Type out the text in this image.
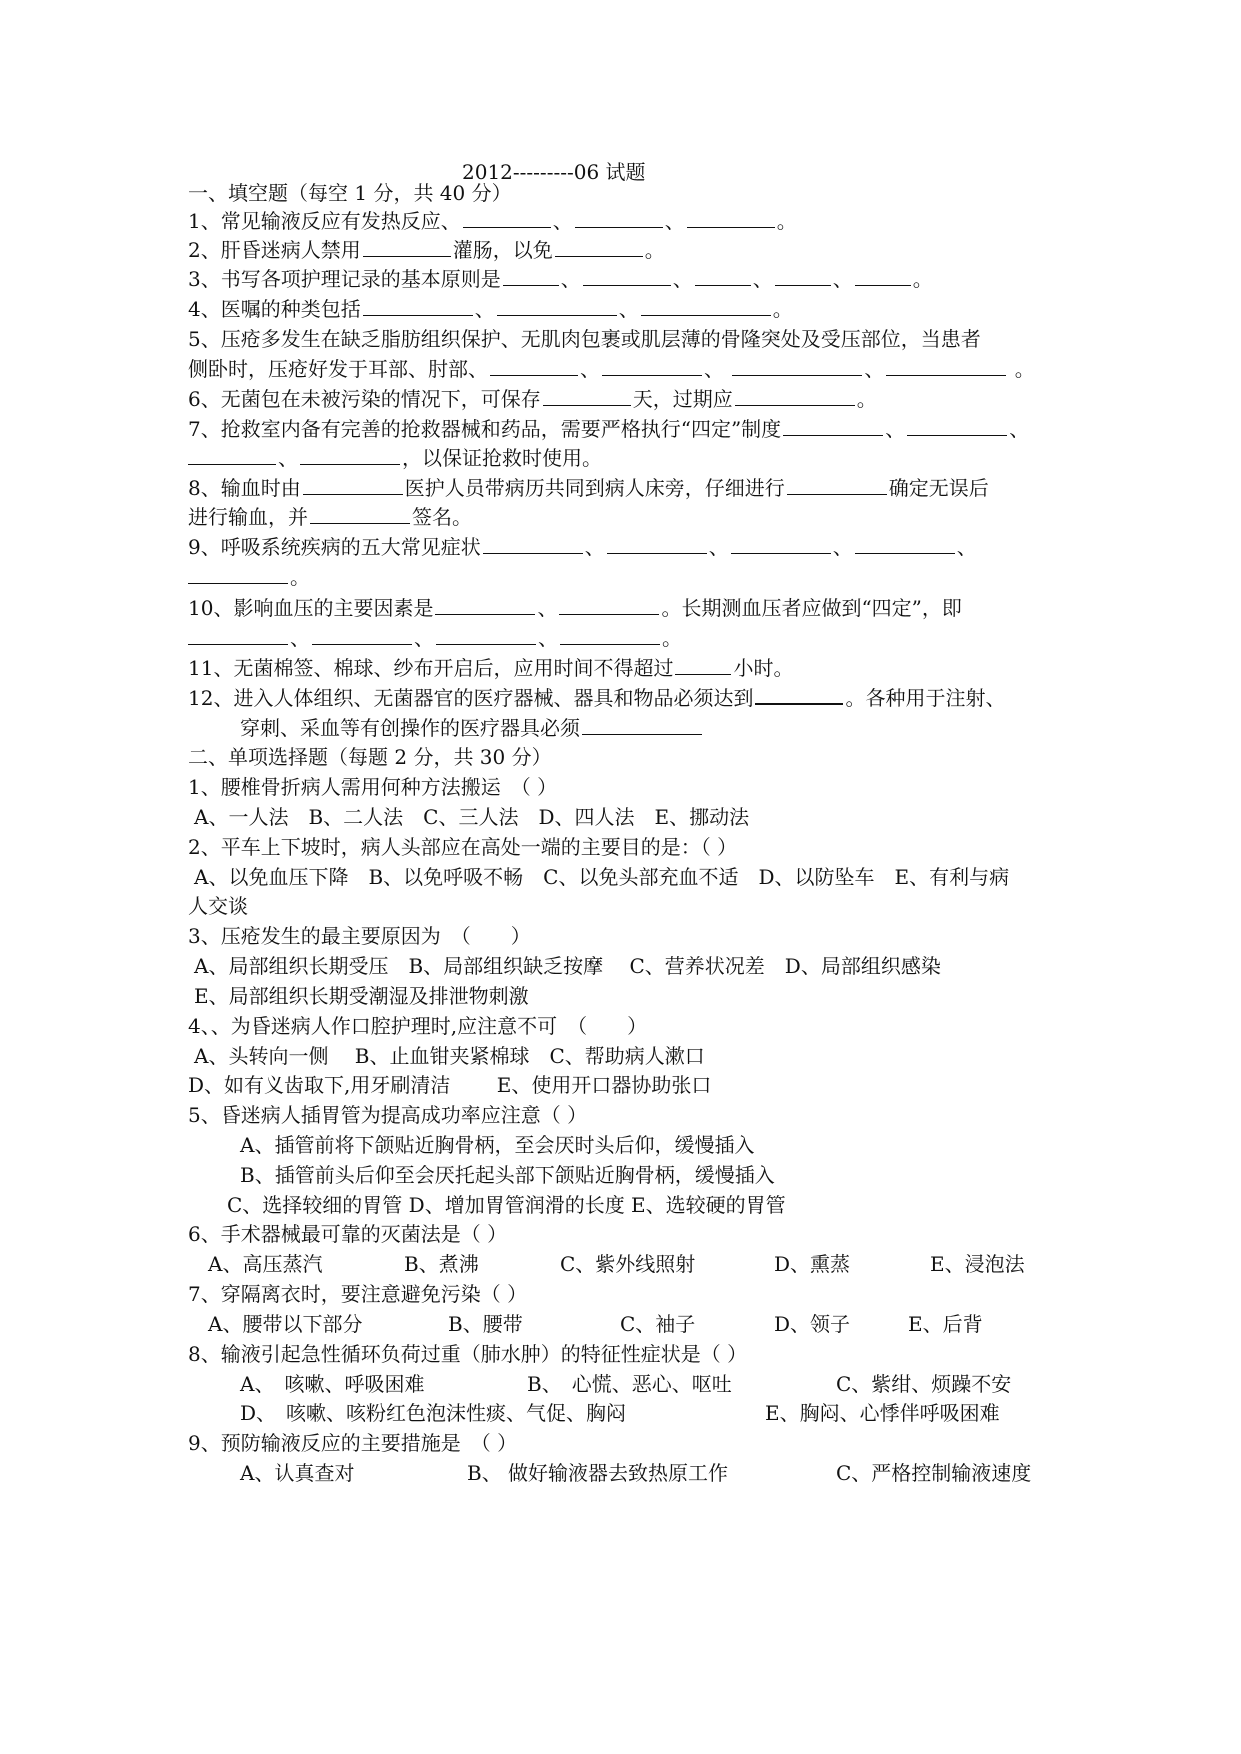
2012---------06 试题
一、填空题（每空 1 分，共 40 分）
1、常见输液反应有发热反应、	、	、	。
2、肝昏迷病人禁用	灌肠，以免	。
3、书写各项护理记录的基本原则是	、	、	、	、	。
4、医嘱的种类包括	、	、	。
5、压疮多发生在缺乏脂肪组织保护、无肌肉包裹或肌层薄的骨隆突处及受压部位，当患者
侧卧时，压疮好发于耳部、肘部、	、	、	、	。
6、无菌包在未被污染的情况下，可保存	天，过期应	。
7、抢救室内备有完善的抢救器械和药品，需要严格执行“四定”制度	、	、
、	，以保证抢救时使用。
8、输血时由	医护人员带病历共同到病人床旁，仔细进行	确定无误后
进行输血，并	签名。
9、呼吸系统疾病的五大常见症状	、	、	、	、
。
10、影响血压的主要因素是	、	。长期测血压者应做到“四定”，即
、	、	、	。
11、无菌棉签、棉球、纱布开启后，应用时间不得超过	小时。
12、进入人体组织、无菌器官的医疗器械、器具和物品必须达到	。各种用于注射、
穿刺、采血等有创操作的医疗器具必须
二、单项选择题（每题 2 分，共 30 分）
1、腰椎骨折病人需用何种方法搬运　（ ）
A、一人法　B、二人法　C、三人法　D、四人法　E、挪动法
2、平车上下坡时，病人头部应在高处一端的主要目的是：（ ）
A、以免血压下降　B、以免呼吸不畅　C、以免头部充血不适　D、以防坠车　E、有利与病
人交谈
3、压疮发生的最主要原因为　（　　）
A、局部组织长期受压　B、局部组织缺乏按摩　 C、营养状况差　D、局部组织感染
E、局部组织长期受潮湿及排泄物刺激
4、、为昏迷病人作口腔护理时,应注意不可　（　　）
A、头转向一侧　 B、止血钳夹紧棉球　C、帮助病人漱口
D、如有义齿取下,用牙刷清洁　　 E、使用开口器协助张口
5、昏迷病人插胃管为提高成功率应注意（ ）
A、插管前将下颌贴近胸骨柄，至会厌时头后仰，缓慢插入
B、插管前头后仰至会厌托起头部下颌贴近胸骨柄，缓慢插入
C、选择较细的胃管 D、增加胃管润滑的长度 E、选较硬的胃管
6、手术器械最可靠的灭菌法是（ ）
A、高压蒸汽	B、煮沸	C、紫外线照射	D、熏蒸	E、浸泡法
7、穿隔离衣时，要注意避免污染（ ）
A、腰带以下部分	B、腰带	C、袖子	D、领子	E、后背
8、输液引起急性循环负荷过重（肺水肿）的特征性症状是（ ）
A、　咳嗽、呼吸困难	B、　心慌、恶心、呕吐	C、紫绀、烦躁不安
D、　咳嗽、咳粉红色泡沫性痰、气促、胸闷	E、胸闷、心悸伴呼吸困难
9、预防输液反应的主要措施是　（ ）
A、认真查对	B、 做好输液器去致热原工作	C、严格控制输液速度
